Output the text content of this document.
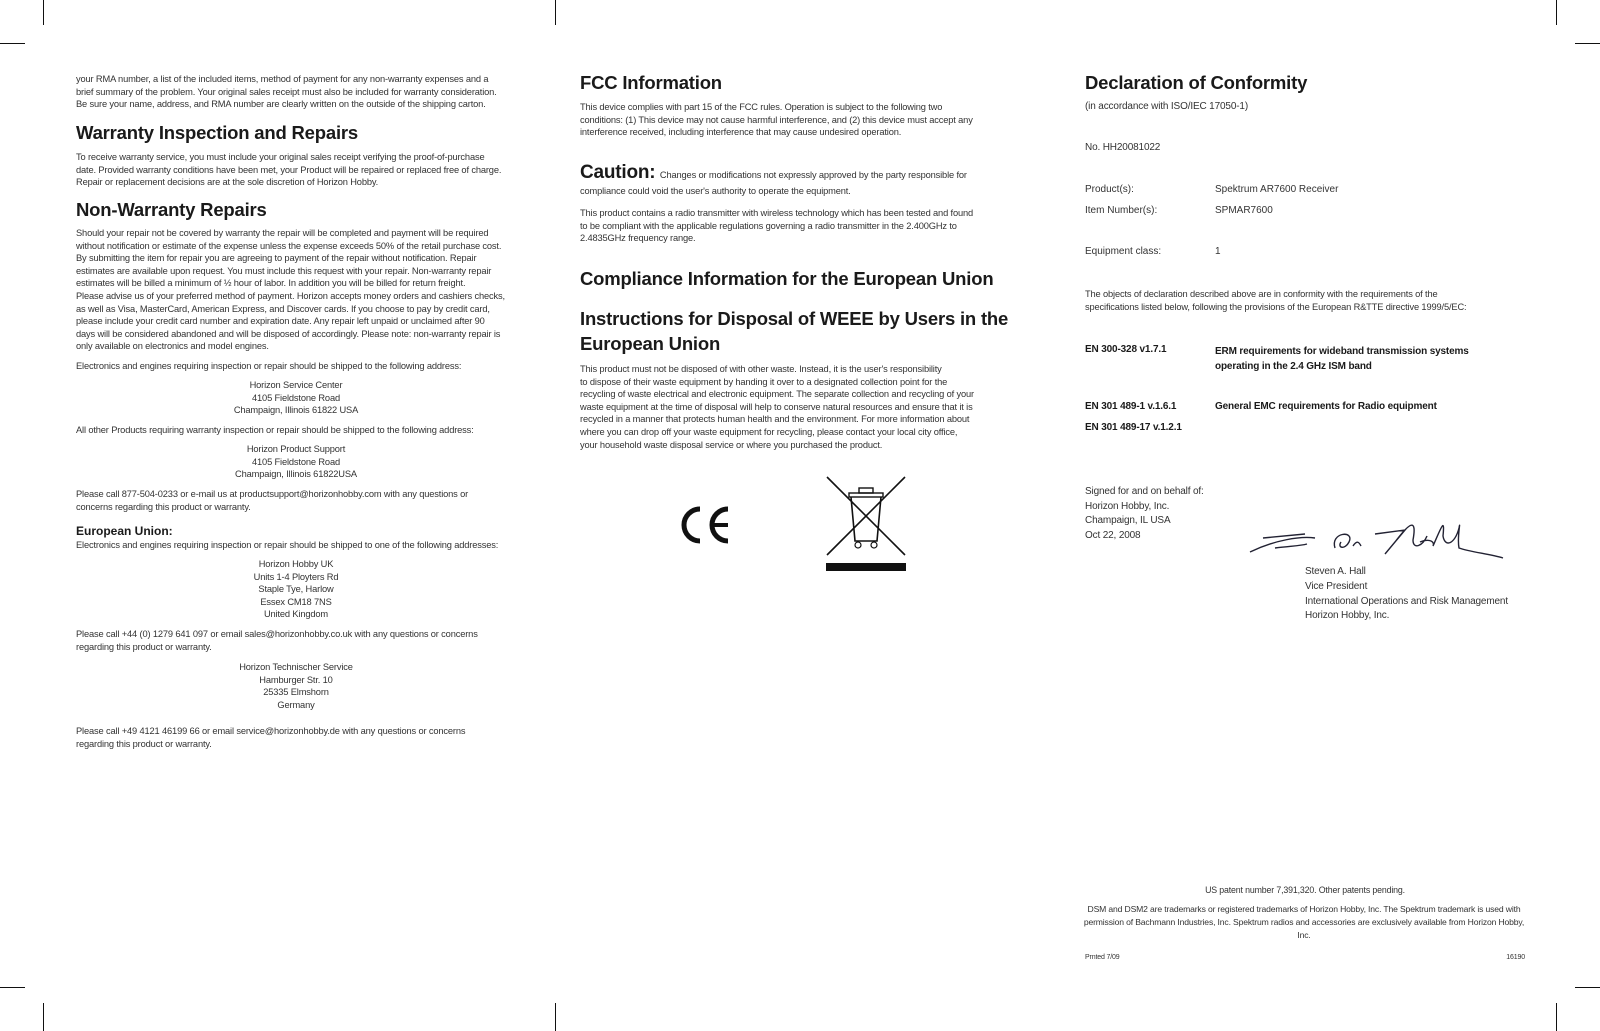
your RMA number, a list of the included items, method of payment for any non-warranty expenses and a
brief summary of the problem. Your original sales receipt must also be included for warranty consideration.
Be sure your name, address, and RMA number are clearly written on the outside of the shipping carton.
Warranty Inspection and Repairs
To receive warranty service, you must include your original sales receipt verifying the proof-of-purchase
date. Provided warranty conditions have been met, your Product will be repaired or replaced free of charge.
Repair or replacement decisions are at the sole discretion of Horizon Hobby.
Non-Warranty Repairs
Should your repair not be covered by warranty the repair will be completed and payment will be required
without notification or estimate of the expense unless the expense exceeds 50% of the retail purchase cost.
By submitting the item for repair you are agreeing to payment of the repair without notification. Repair
estimates are available upon request. You must include this request with your repair. Non-warranty repair
estimates will be billed a minimum of ½ hour of labor. In addition you will be billed for return freight.
Please advise us of your preferred method of payment. Horizon accepts money orders and cashiers checks,
as well as Visa, MasterCard, American Express, and Discover cards. If you choose to pay by credit card,
please include your credit card number and expiration date. Any repair left unpaid or unclaimed after 90
days will be considered abandoned and will be disposed of accordingly. Please note: non-warranty repair is
only available on electronics and model engines.
Electronics and engines requiring inspection or repair should be shipped to the following address:
Horizon Service Center
4105 Fieldstone Road
Champaign, Illinois 61822 USA
All other Products requiring warranty inspection or repair should be shipped to the following address:
Horizon Product Support
4105 Fieldstone Road
Champaign, Illinois 61822USA
Please call 877-504-0233 or e-mail us at productsupport@horizonhobby.com with any questions or
concerns regarding this product or warranty.
European Union:
Electronics and engines requiring inspection or repair should be shipped to one of the following addresses:
Horizon Hobby UK
Units 1-4 Ployters Rd
Staple Tye, Harlow
Essex CM18 7NS
United Kingdom
Please call +44 (0) 1279 641 097 or email sales@horizonhobby.co.uk with any questions or concerns
regarding this product or warranty.
Horizon Technischer Service
Hamburger Str. 10
25335 Elmshorn
Germany
Please call +49 4121 46199 66 or email service@horizonhobby.de with any questions or concerns
regarding this product or warranty.
FCC Information
This device complies with part 15 of the FCC rules. Operation is subject to the following two
conditions: (1) This device may not cause harmful interference, and (2) this device must accept any
interference received, including interference that may cause undesired operation.
Caution: Changes or modifications not expressly approved by the party responsible for
compliance could void the user's authority to operate the equipment.
This product contains a radio transmitter with wireless technology which has been tested and found
to be compliant with the applicable regulations governing a radio transmitter in the 2.400GHz to
2.4835GHz frequency range.
Compliance Information for the European Union
Instructions for Disposal of WEEE by Users in the
European Union
This product must not be disposed of with other waste. Instead, it is the user's responsibility
to dispose of their waste equipment by handing it over to a designated collection point for the
recycling of waste electrical and electronic equipment. The separate collection and recycling of your
waste equipment at the time of disposal will help to conserve natural resources and ensure that it is
recycled in a manner that protects human health and the environment. For more information about
where you can drop off your waste equipment for recycling, please contact your local city office,
your household waste disposal service or where you purchased the product.
Declaration of Conformity
(in accordance with ISO/IEC 17050-1)
No. HH20081022
Product(s):	Spektrum AR7600 Receiver
Item Number(s):	SPMAR7600
Equipment class:	1
The objects of declaration described above are in conformity with the requirements of the
specifications listed below, following the provisions of the European R&TTE directive 1999/5/EC:
EN 300-328 v1.7.1	ERM requirements for wideband transmission systems
operating in the 2.4 GHz ISM band
EN 301 489-1 v.1.6.1	General EMC requirements for Radio equipment
EN 301 489-17 v.1.2.1
Signed for and on behalf of:
Horizon Hobby, Inc.
Champaign, IL USA
Oct 22, 2008
Steven A. Hall
Vice President
International Operations and Risk Management
Horizon Hobby, Inc.
US patent number 7,391,320. Other patents pending.
DSM and DSM2 are trademarks or registered trademarks of Horizon Hobby, Inc. The Spektrum trademark is used with
permission of Bachmann Industries, Inc. Spektrum radios and accessories are exclusively available from Horizon Hobby, Inc.
Prnted 7/09	16190
